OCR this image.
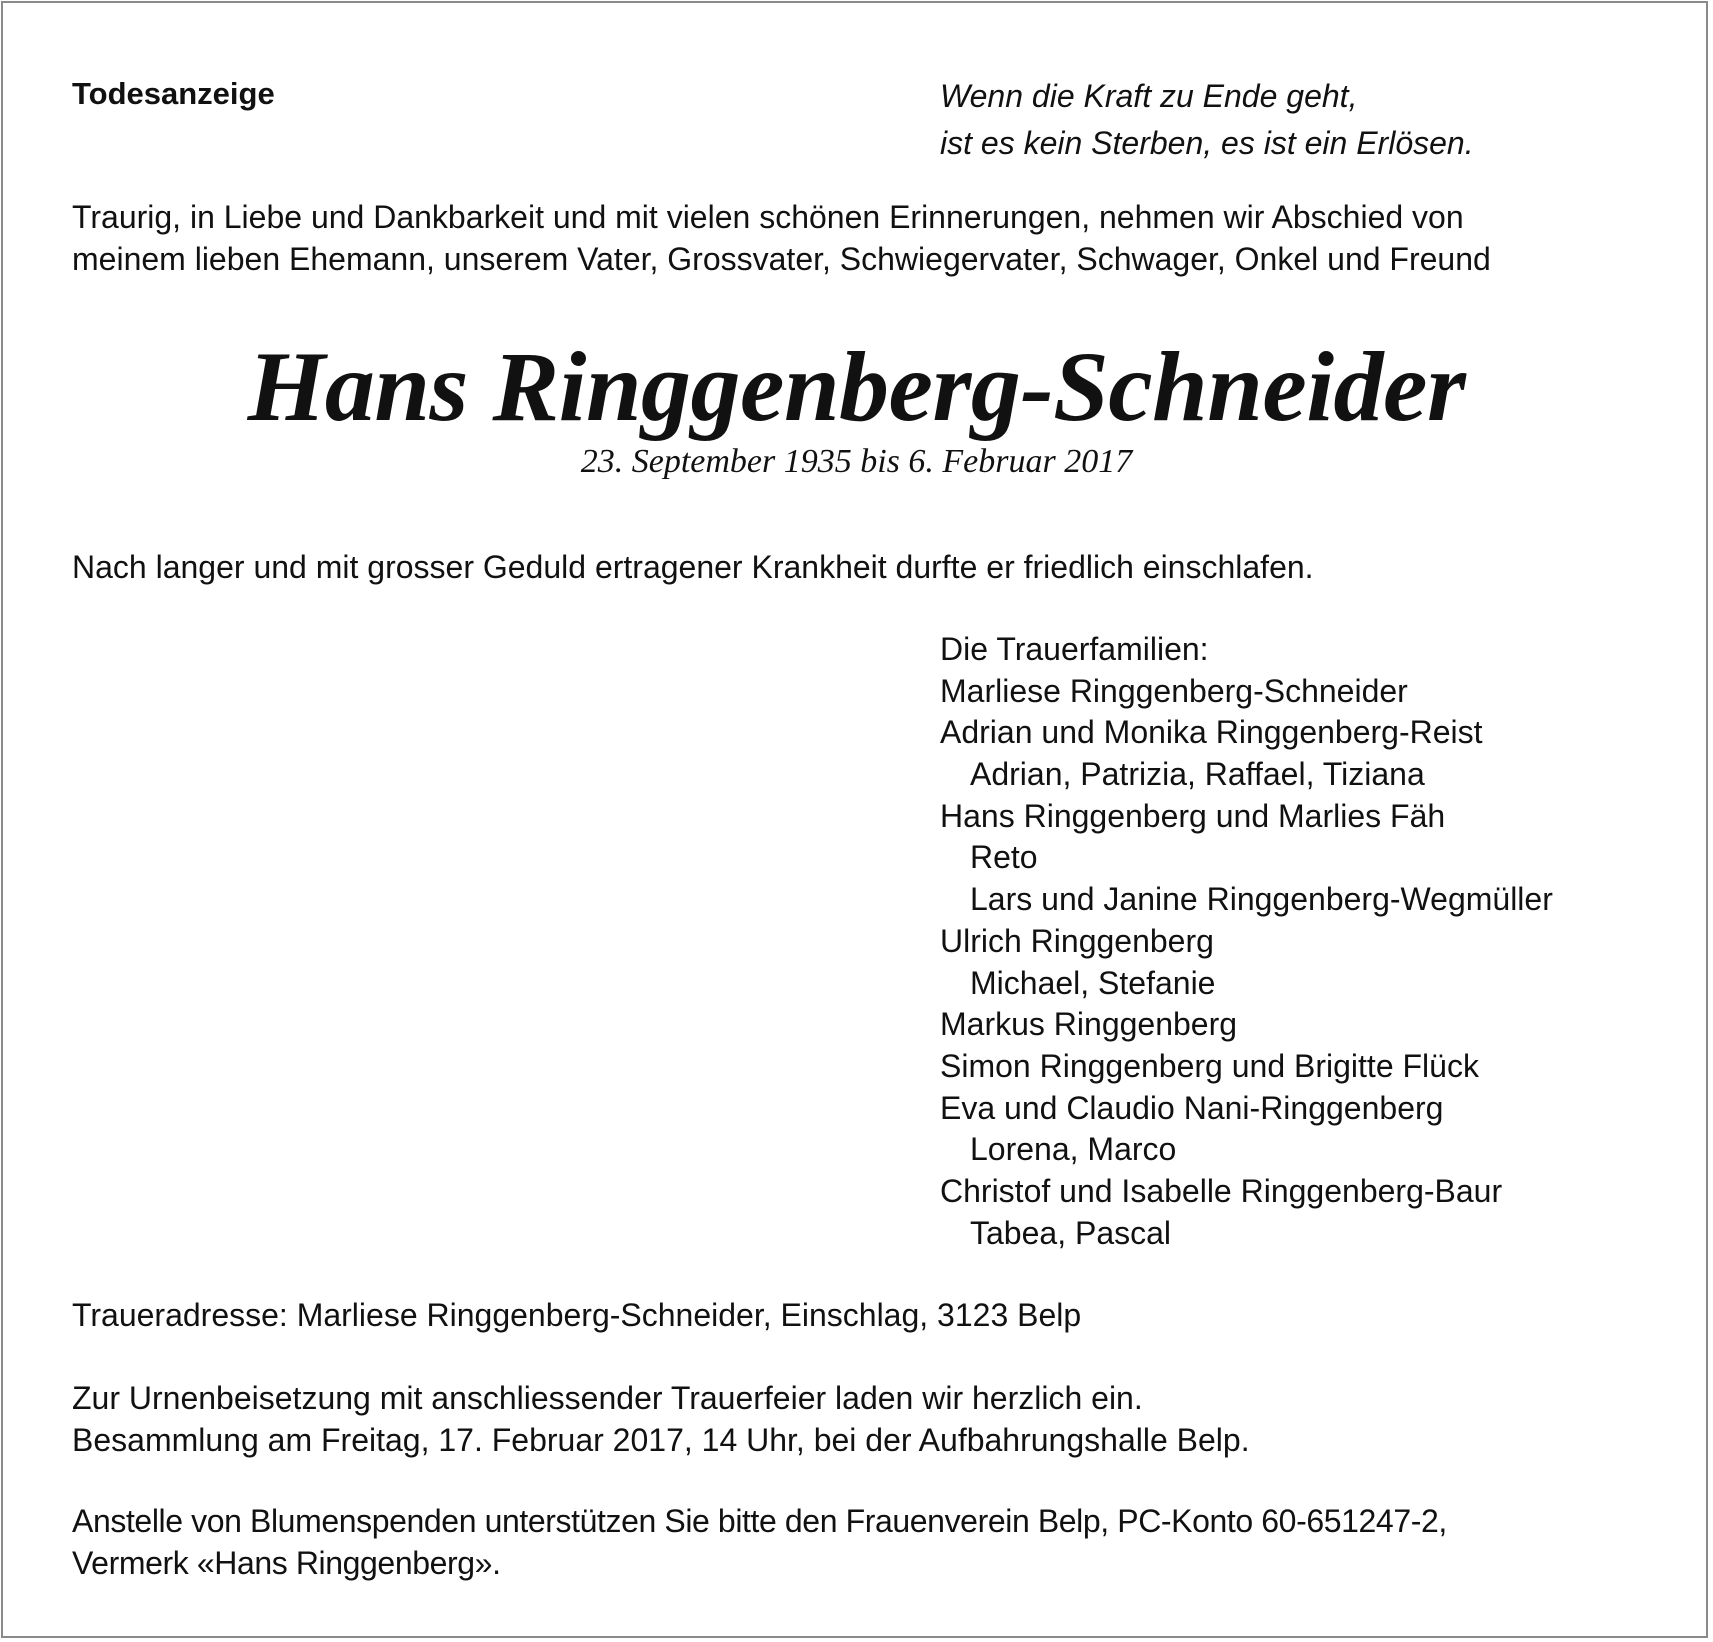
Todesanzeige	Wenn die Kraft zu Ende geht,
ist es kein Sterben, es ist ein Erlösen.
Traurig, in Liebe und Dankbarkeit und mit vielen schönen Erinnerungen, nehmen wir Abschied von
meinem lieben Ehemann, unserem Vater, Grossvater, Schwiegervater, Schwager, Onkel und Freund
Hans Ringgenberg-Schneider
23. September 1935 bis 6. Februar 2017
Nach langer und mit grosser Geduld ertragener Krankheit durfte er friedlich einschlafen.
Die Trauerfamilien:
Marliese Ringgenberg-Schneider
Adrian und Monika Ringgenberg-Reist
Adrian, Patrizia, Raffael, Tiziana
Hans Ringgenberg und Marlies Fäh
Reto
Lars und Janine Ringgenberg-Wegmüller
Ulrich Ringgenberg
Michael, Stefanie
Markus Ringgenberg
Simon Ringgenberg und Brigitte Flück
Eva und Claudio Nani-Ringgenberg
Lorena, Marco
Christof und Isabelle Ringgenberg-Baur
Tabea, Pascal
Traueradresse: Marliese Ringgenberg-Schneider, Einschlag, 3123 Belp
Zur Urnenbeisetzung mit anschliessender Trauerfeier laden wir herzlich ein.
Besammlung am Freitag, 17. Februar 2017, 14 Uhr, bei der Aufbahrungshalle Belp.
Anstelle von Blumenspenden unterstützen Sie bitte den Frauenverein Belp, PC-Konto 60-651247-2,
Vermerk «Hans Ringgenberg».
